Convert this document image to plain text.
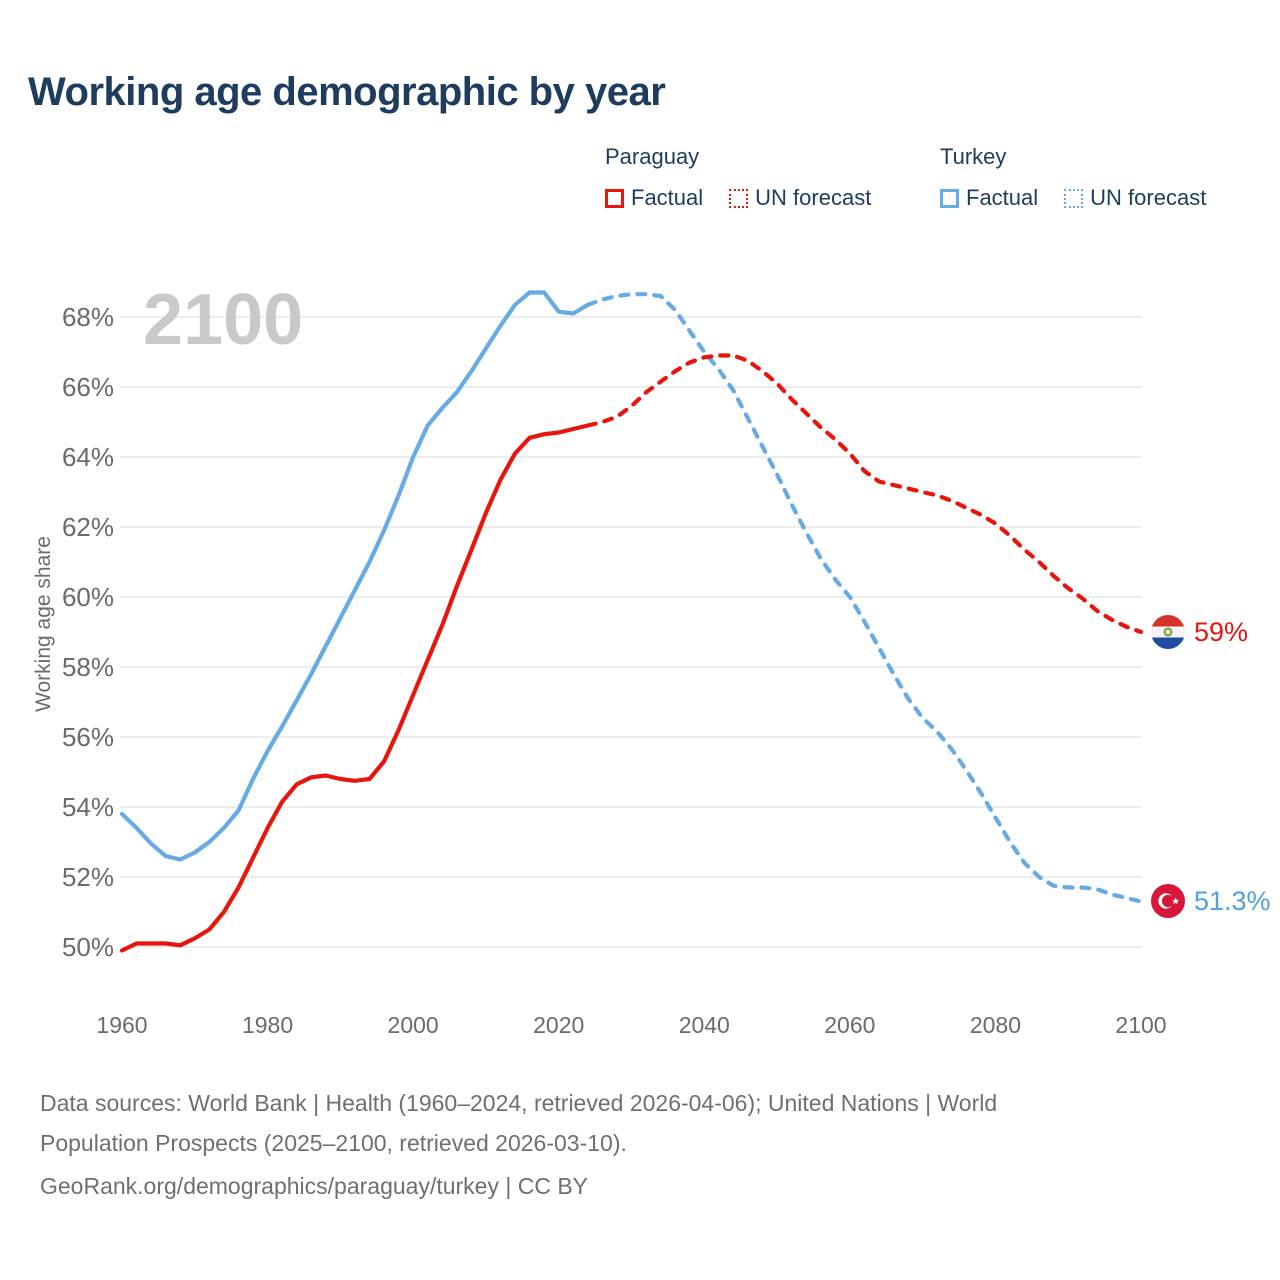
Working age demographic by year
Paraguay
Factual UN forecast
Turkey
Factual UN forecast
2100
50%
52%
54%
56%
58%
60%
62%
64%
66%
68%
1960	1980	2000	2020	2040	2060	2080	2100
Working age share	59%
51.3%
Data sources: World Bank | Health (1960–2024, retrieved 2026-04-06); United Nations | World
Population Prospects (2025–2100, retrieved 2026-03-10).
GeoRank.org/demographics/paraguay/turkey | CC BY
